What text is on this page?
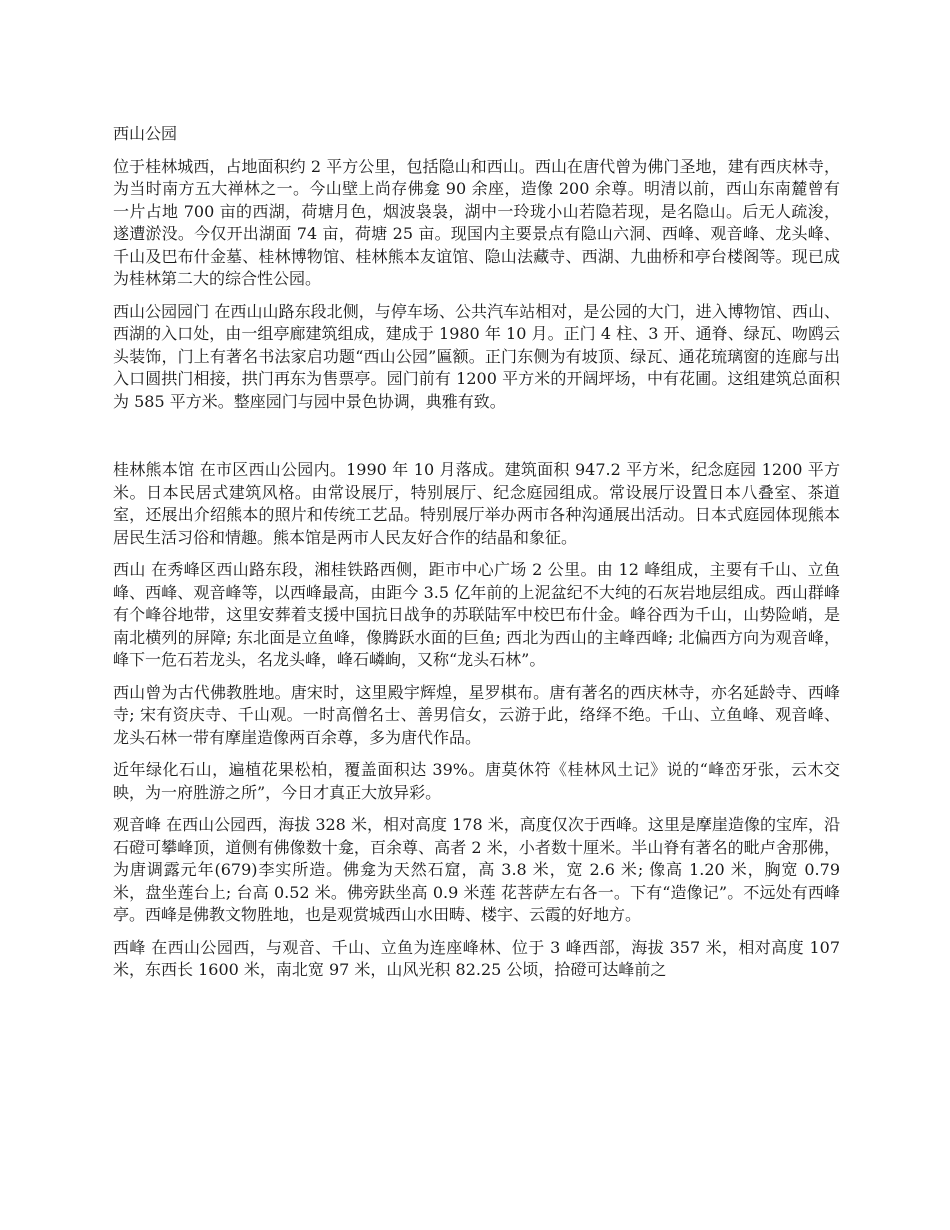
西山公园

位于桂林城西，占地面积约 2 平方公里，包括隐山和西山。西山在唐代曾为佛门圣地，建有西庆林寺，为当时南方五大禅林之一。今山壁上尚存佛龛 90 余座，造像 200 余尊。明清以前，西山东南麓曾有一片占地 700 亩的西湖，荷塘月色，烟波袅袅，湖中一玲珑小山若隐若现，是名隐山。后无人疏浚，遂遭淤没。今仅开出湖面 74 亩，荷塘 25 亩。现国内主要景点有隐山六洞、西峰、观音峰、龙头峰、千山及巴布什金墓、桂林博物馆、桂林熊本友谊馆、隐山法藏寺、西湖、九曲桥和亭台楼阁等。现已成为桂林第二大的综合性公园。

西山公园园门 在西山山路东段北侧，与停车场、公共汽车站相对，是公园的大门，进入博物馆、西山、西湖的入口处，由一组亭廊建筑组成，建成于 1980 年 10 月。正门 4 柱、3 开、通脊、绿瓦、吻鸥云头装饰，门上有著名书法家启功题“西山公园”匾额。正门东侧为有坡顶、绿瓦、通花琉璃窗的连廊与出入口圆拱门相接，拱门再东为售票亭。园门前有 1200 平方米的开阔坪场，中有花圃。这组建筑总面积为 585 平方米。整座园门与园中景色协调，典雅有致。

桂林熊本馆 在市区西山公园内。1990 年 10 月落成。建筑面积 947.2 平方米，纪念庭园 1200 平方米。日本民居式建筑风格。由常设展厅，特别展厅、纪念庭园组成。常设展厅设置日本八叠室、茶道室，还展出介绍熊本的照片和传统工艺品。特别展厅举办两市各种沟通展出活动。日本式庭园体现熊本居民生活习俗和情趣。熊本馆是两市人民友好合作的结晶和象征。

西山 在秀峰区西山路东段，湘桂铁路西侧，距市中心广场 2 公里。由 12 峰组成，主要有千山、立鱼峰、西峰、观音峰等，以西峰最高，由距今 3.5 亿年前的上泥盆纪不大纯的石灰岩地层组成。西山群峰有个峰谷地带，这里安葬着支援中国抗日战争的苏联陆军中校巴布什金。峰谷西为千山，山势险峭，是南北横列的屏障; 东北面是立鱼峰，像腾跃水面的巨鱼; 西北为西山的主峰西峰; 北偏西方向为观音峰，峰下一危石若龙头，名龙头峰，峰石嶙峋，又称“龙头石林”。

西山曾为古代佛教胜地。唐宋时，这里殿宇辉煌，星罗棋布。唐有著名的西庆林寺，亦名延龄寺、西峰寺; 宋有资庆寺、千山观。一时高僧名士、善男信女，云游于此，络绎不绝。千山、立鱼峰、观音峰、龙头石林一带有摩崖造像两百余尊，多为唐代作品。

近年绿化石山，遍植花果松柏，覆盖面积达 39%。唐莫休符《桂林风土记》说的“峰峦牙张，云木交映，为一府胜游之所”，今日才真正大放异彩。

观音峰 在西山公园西，海拔 328 米，相对高度 178 米，高度仅次于西峰。这里是摩崖造像的宝库，沿石磴可攀峰顶，道侧有佛像数十龛，百余尊、高者 2 米，小者数十厘米。半山脊有著名的毗卢舍那佛，为唐调露元年(679)李实所造。佛龛为天然石窟，高 3.8 米，宽 2.6 米; 像高 1.20 米，胸宽 0.79 米，盘坐莲台上; 台高 0.52 米。佛旁趺坐高 0.9 米莲 花菩萨左右各一。下有“造像记”。不远处有西峰亭。西峰是佛教文物胜地，也是观赏城西山水田畴、楼宇、云霞的好地方。

西峰 在西山公园西，与观音、千山、立鱼为连座峰林、位于 3 峰西部，海拔 357 米，相对高度 107 米，东西长 1600 米，南北宽 97 米，山风光积 82.25 公顷，拾磴可达峰前之
